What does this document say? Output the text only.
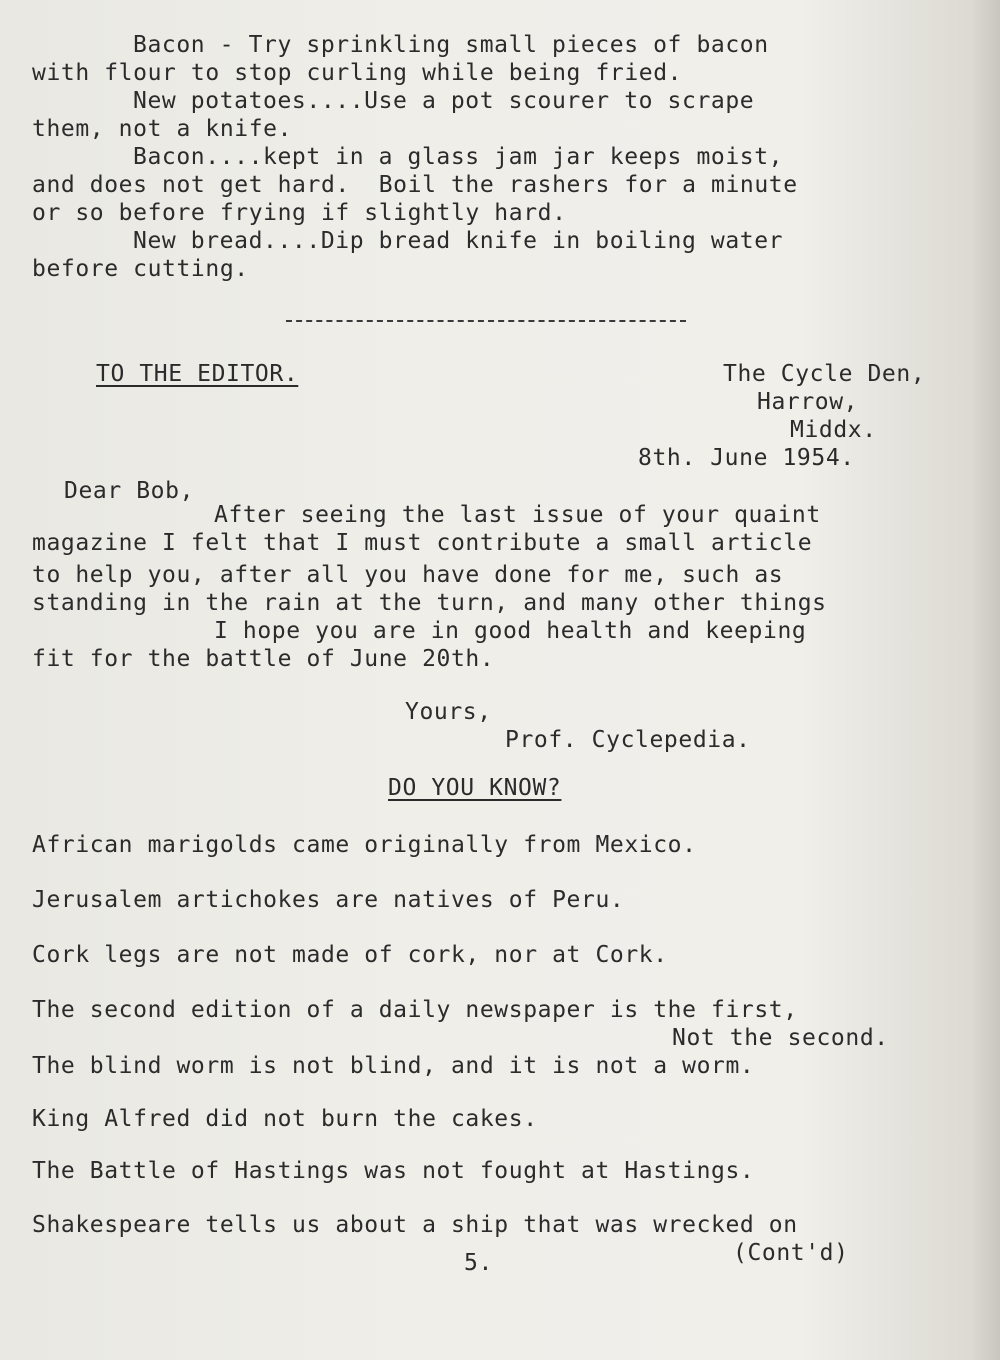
Bacon - Try sprinkling small pieces of bacon
with flour to stop curling while being fried.
New potatoes....Use a pot scourer to scrape
them, not a knife.
Bacon....kept in a glass jam jar keeps moist,
and does not get hard.  Boil the rashers for a minute
or so before frying if slightly hard.
New bread....Dip bread knife in boiling water
before cutting.
TO THE EDITOR.	The Cycle Den,
Harrow,
Middx.
8th. June 1954.
Dear Bob,
After seeing the last issue of your quaint
magazine I felt that I must contribute a small article
to help you, after all you have done for me, such as
standing in the rain at the turn, and many other things
I hope you are in good health and keeping
fit for the battle of June 20th.
Yours,
Prof. Cyclepedia.
DO YOU KNOW?
African marigolds came originally from Mexico.
Jerusalem artichokes are natives of Peru.
Cork legs are not made of cork, nor at Cork.
The second edition of a daily newspaper is the first,
Not the second.
The blind worm is not blind, and it is not a worm.
King Alfred did not burn the cakes.
The Battle of Hastings was not fought at Hastings.
Shakespeare tells us about a ship that was wrecked on
(Cont'd)
5.
